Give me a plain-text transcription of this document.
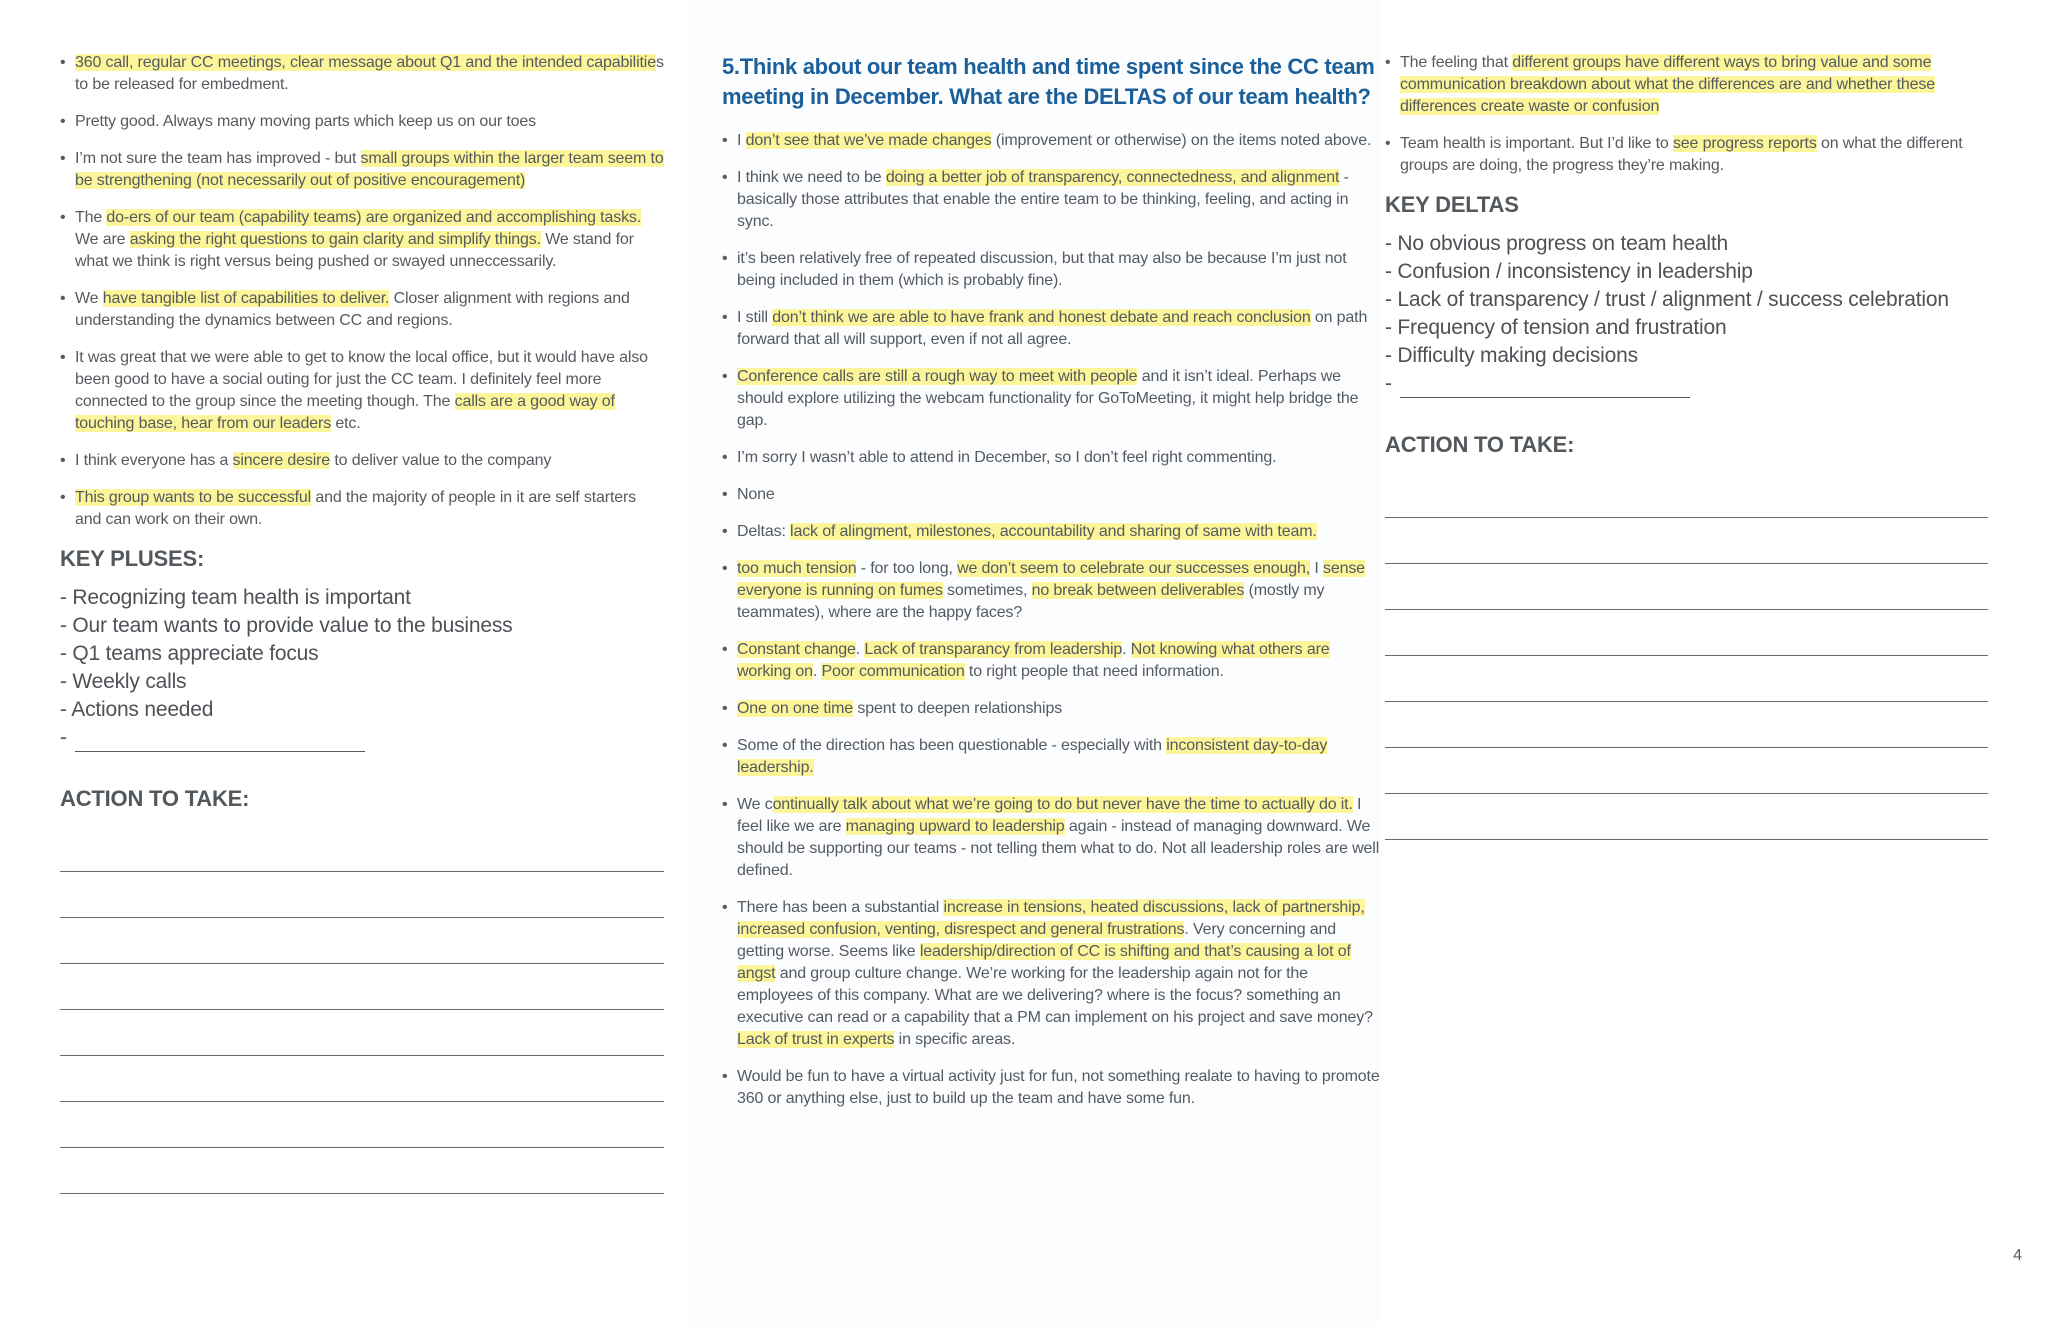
• 360 call, regular CC meetings, clear message about Q1 and the intended capabilities to be released for embedment.
• Pretty good. Always many moving parts which keep us on our toes
• I’m not sure the team has improved - but small groups within the larger team seem to be strengthening (not necessarily out of positive encouragement)
• The do-ers of our team (capability teams) are organized and accomplishing tasks. We are asking the right questions to gain clarity and simplify things. We stand for what we think is right versus being pushed or swayed unneccessarily.
• We have tangible list of capabilities to deliver. Closer alignment with regions and understanding the dynamics between CC and regions.
• It was great that we were able to get to know the local office, but it would have also been good to have a social outing for just the CC team. I definitely feel more connected to the group since the meeting though. The calls are a good way of touching base, hear from our leaders etc.
• I think everyone has a sincere desire to deliver value to the company
• This group wants to be successful and the majority of people in it are self starters and can work on their own.
KEY PLUSES:
- Recognizing team health is important
- Our team wants to provide value to the business
- Q1 teams appreciate focus
- Weekly calls
- Actions needed
-
ACTION TO TAKE:
5.Think about our team health and time spent since the CC team meeting in December. What are the DELTAS of our team health?
• I don’t see that we’ve made changes (improvement or otherwise) on the items noted above.
• I think we need to be doing a better job of transparency, connectedness, and alignment - basically those attributes that enable the entire team to be thinking, feeling, and acting in sync.
• it’s been relatively free of repeated discussion, but that may also be because I’m just not being included in them (which is probably fine).
• I still don’t think we are able to have frank and honest debate and reach conclusion on path forward that all will support, even if not all agree.
• Conference calls are still a rough way to meet with people and it isn’t ideal. Perhaps we should explore utilizing the webcam functionality for GoToMeeting, it might help bridge the gap.
• I’m sorry I wasn’t able to attend in December, so I don’t feel right commenting.
• None
• Deltas: lack of alingment, milestones, accountability and sharing of same with team.
• too much tension - for too long, we don’t seem to celebrate our successes enough, I sense everyone is running on fumes sometimes, no break between deliverables (mostly my teammates), where are the happy faces?
• Constant change. Lack of transparancy from leadership. Not knowing what others are working on. Poor communication to right people that need information.
• One on one time spent to deepen relationships
• Some of the direction has been questionable - especially with inconsistent day-to-day leadership.
• We continually talk about what we’re going to do but never have the time to actually do it. I feel like we are managing upward to leadership again - instead of managing downward. We should be supporting our teams - not telling them what to do. Not all leadership roles are well defined.
• There has been a substantial increase in tensions, heated discussions, lack of partnership, increased confusion, venting, disrespect and general frustrations. Very concerning and getting worse. Seems like leadership/direction of CC is shifting and that’s causing a lot of angst and group culture change. We’re working for the leadership again not for the employees of this company. What are we delivering? where is the focus? something an executive can read or a capability that a PM can implement on his project and save money? Lack of trust in experts in specific areas.
• Would be fun to have a virtual activity just for fun, not something realate to having to promote 360 or anything else, just to build up the team and have some fun.
• The feeling that different groups have different ways to bring value and some communication breakdown about what the differences are and whether these differences create waste or confusion
• Team health is important. But I’d like to see progress reports on what the different groups are doing, the progress they’re making.
KEY DELTAS
- No obvious progress on team health
- Confusion / inconsistency in leadership
- Lack of transparency / trust / alignment / success celebration
- Frequency of tension and frustration
- Difficulty making decisions
-
ACTION TO TAKE:
4
